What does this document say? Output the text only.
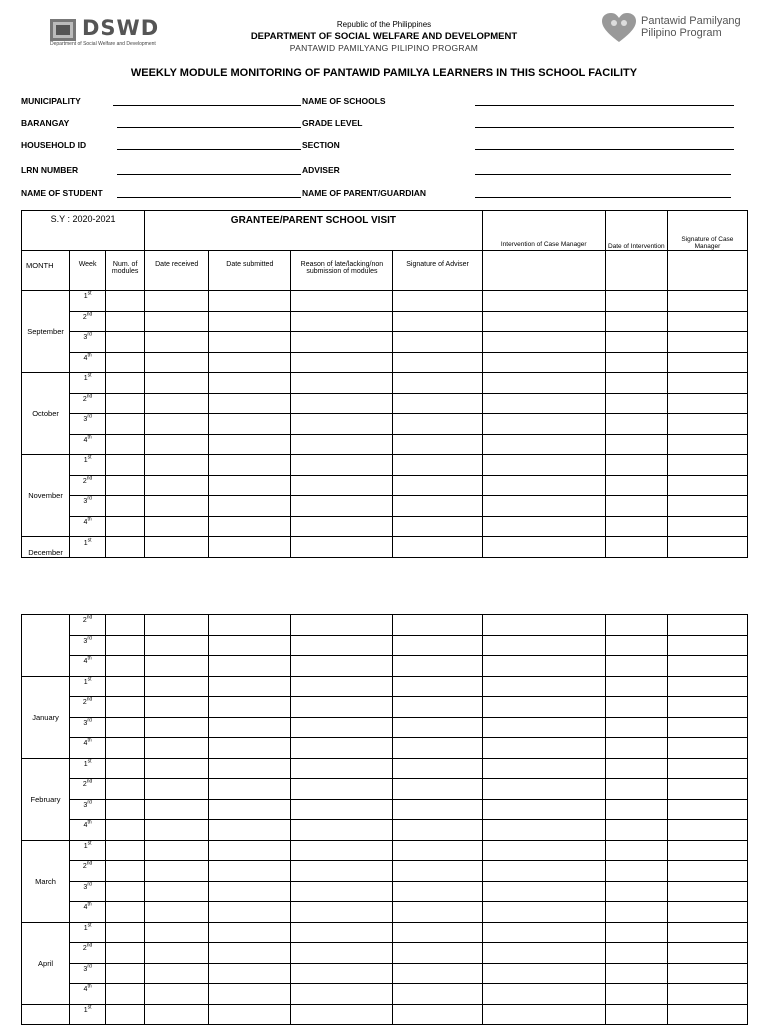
DSWD
Department of Social Welfare and Development
Republic of the Philippines
DEPARTMENT OF SOCIAL WELFARE AND DEVELOPMENT
PANTAWID PAMILYANG PILIPINO PROGRAM
Pantawid Pamilyang
Pilipino Program
WEEKLY MODULE MONITORING OF PANTAWID PAMILYA LEARNERS IN THIS SCHOOL FACILITY
MUNICIPALITY	NAME OF SCHOOLS
BARANGAY	GRADE LEVEL
HOUSEHOLD ID	SECTION
LRN NUMBER	ADVISER
NAME OF STUDENT	NAME OF PARENT/GUARDIAN
S.Y : 2020-2021			GRANTEE/PARENT SCHOOL VISIT				Intervention of Case Manager	Date of Intervention	Signature of Case Manager
MONTH	Week	Num. of modules	Date received	Date submitted	Reason of late/lacking/non submission of modules	Signature of Adviser			
September	1st								
	2nd								
	3rd								
	4th								
October	1st								
	2nd								
	3rd								
	4th								
November	1st								
	2nd								
	3rd								
	4th								
December	1st								
	2nd								
	3rd								
	4th								
January	1st								
	2nd								
	3rd								
	4th								
February	1st								
	2nd								
	3rd								
	4th								
March	1st								
	2nd								
	3rd								
	4th								
April	1st								
	2nd								
	3rd								
	4th								
	1st								
